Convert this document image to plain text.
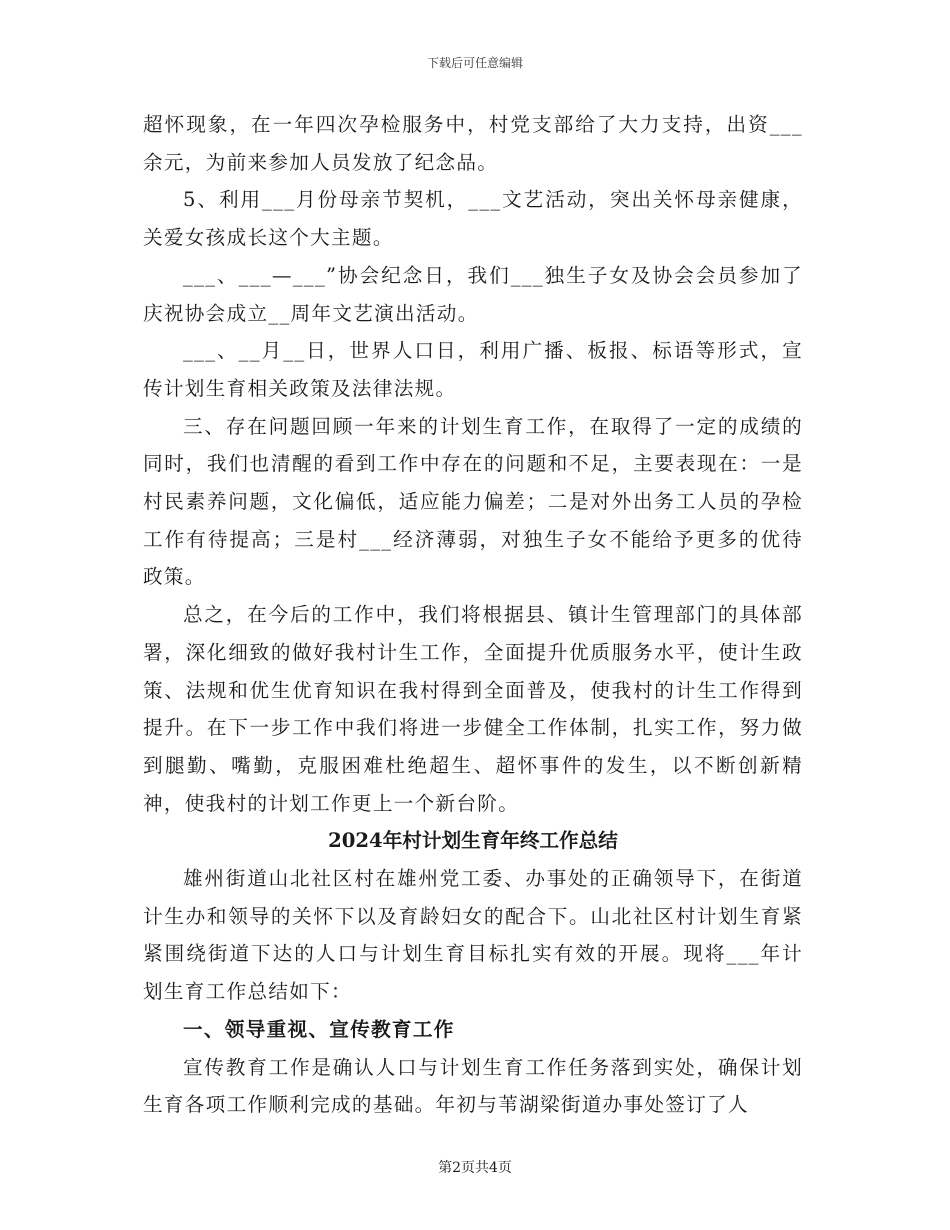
下载后可任意编辑

超怀现象，在一年四次孕检服务中，村党支部给了大力支持，出资___余元，为前来参加人员发放了纪念品。

5、利用___月份母亲节契机，___文艺活动，突出关怀母亲健康，关爱女孩成长这个大主题。

___、___—___”协会纪念日，我们___独生子女及协会会员参加了庆祝协会成立__周年文艺演出活动。

___、__月__日，世界人口日，利用广播、板报、标语等形式，宣传计划生育相关政策及法律法规。

三、存在问题回顾一年来的计划生育工作，在取得了一定的成绩的同时，我们也清醒的看到工作中存在的问题和不足，主要表现在：一是村民素养问题，文化偏低，适应能力偏差；二是对外出务工人员的孕检工作有待提高；三是村___经济薄弱，对独生子女不能给予更多的优待政策。

总之，在今后的工作中，我们将根据县、镇计生管理部门的具体部署，深化细致的做好我村计生工作，全面提升优质服务水平，使计生政策、法规和优生优育知识在我村得到全面普及，使我村的计生工作得到提升。在下一步工作中我们将进一步健全工作体制，扎实工作，努力做到腿勤、嘴勤，克服困难杜绝超生、超怀事件的发生，以不断创新精神，使我村的计划工作更上一个新台阶。

2024年村计划生育年终工作总结

雄州街道山北社区村在雄州党工委、办事处的正确领导下，在街道计生办和领导的关怀下以及育龄妇女的配合下。山北社区村计划生育紧紧围绕街道下达的人口与计划生育目标扎实有效的开展。现将___年计划生育工作总结如下：

一、领导重视、宣传教育工作

宣传教育工作是确认人口与计划生育工作任务落到实处，确保计划生育各项工作顺利完成的基础。年初与苇湖梁街道办事处签订了人

第2页共4页
